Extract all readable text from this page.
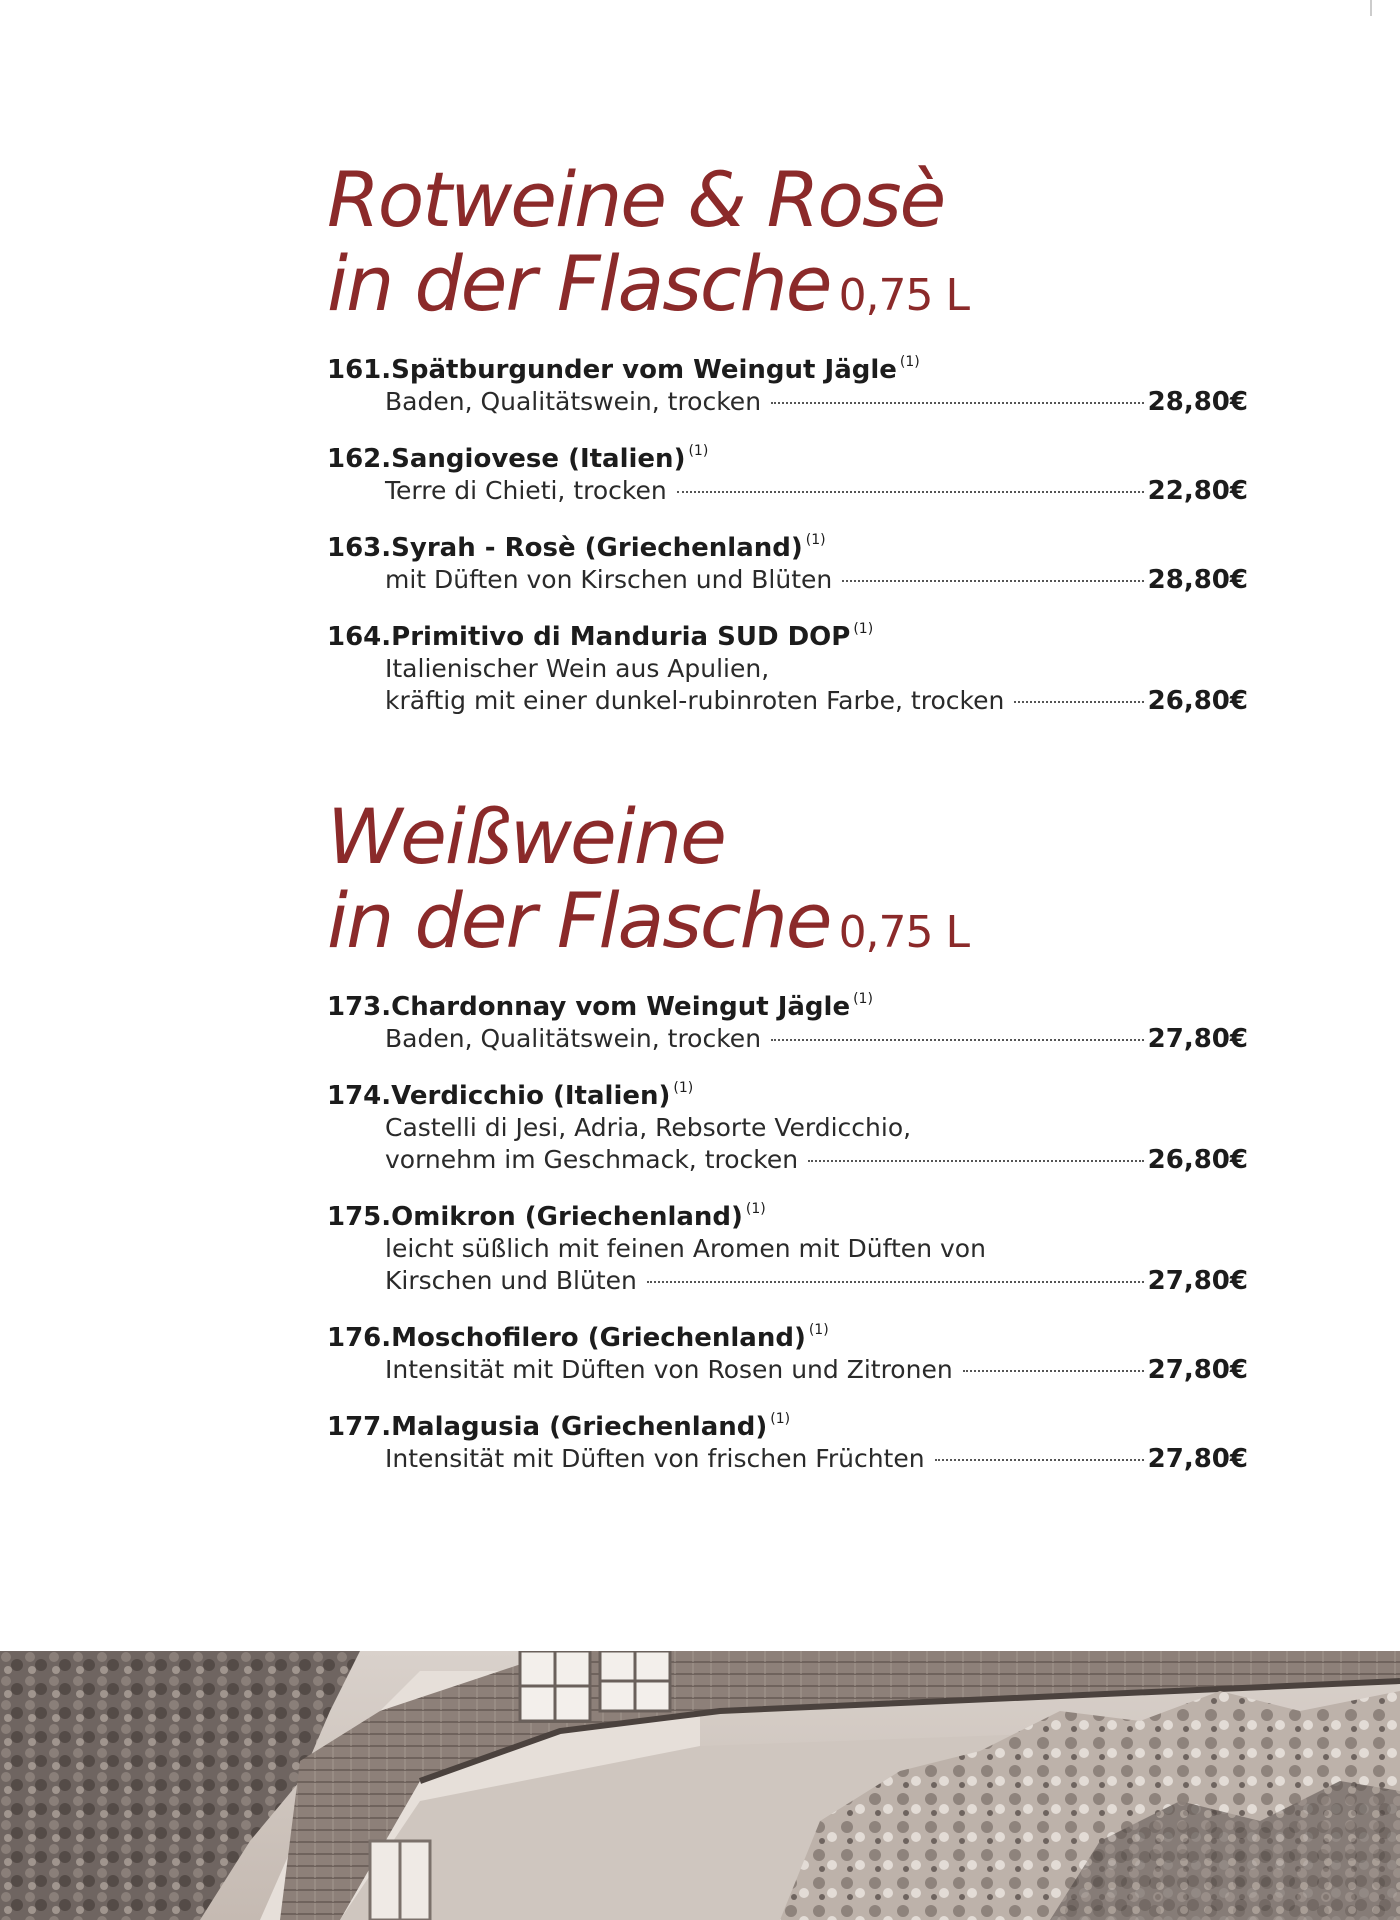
Rotweine & Rosè
in der Flasche 0,75 L
161.Spätburgunder vom Weingut Jägle $^{(1)}$
Baden, Qualitätswein, trocken	28,80€
162.Sangiovese (Italien) $^{(1)}$
Terre di Chieti, trocken	22,80€
163.Syrah - Rosè (Griechenland) $^{(1)}$
mit Düften von Kirschen und Blüten	28,80€
164.Primitivo di Manduria SUD DOP $^{(1)}$
Italienischer Wein aus Apulien,
kräftig mit einer dunkel-rubinroten Farbe, trocken	26,80€
Weißweine
in der Flasche 0,75 L
173.Chardonnay vom Weingut Jägle $^{(1)}$
Baden, Qualitätswein, trocken	27,80€
174.Verdicchio (Italien) $^{(1)}$
Castelli di Jesi, Adria, Rebsorte Verdicchio,
vornehm im Geschmack, trocken	26,80€
175.Omikron (Griechenland) $^{(1)}$
leicht süßlich mit feinen Aromen mit Düften von
Kirschen und Blüten	27,80€
176.Moschofilero (Griechenland) $^{(1)}$
Intensität mit Düften von Rosen und Zitronen	27,80€
177.Malagusia (Griechenland) $^{(1)}$
Intensität mit Düften von frischen Früchten	27,80€
